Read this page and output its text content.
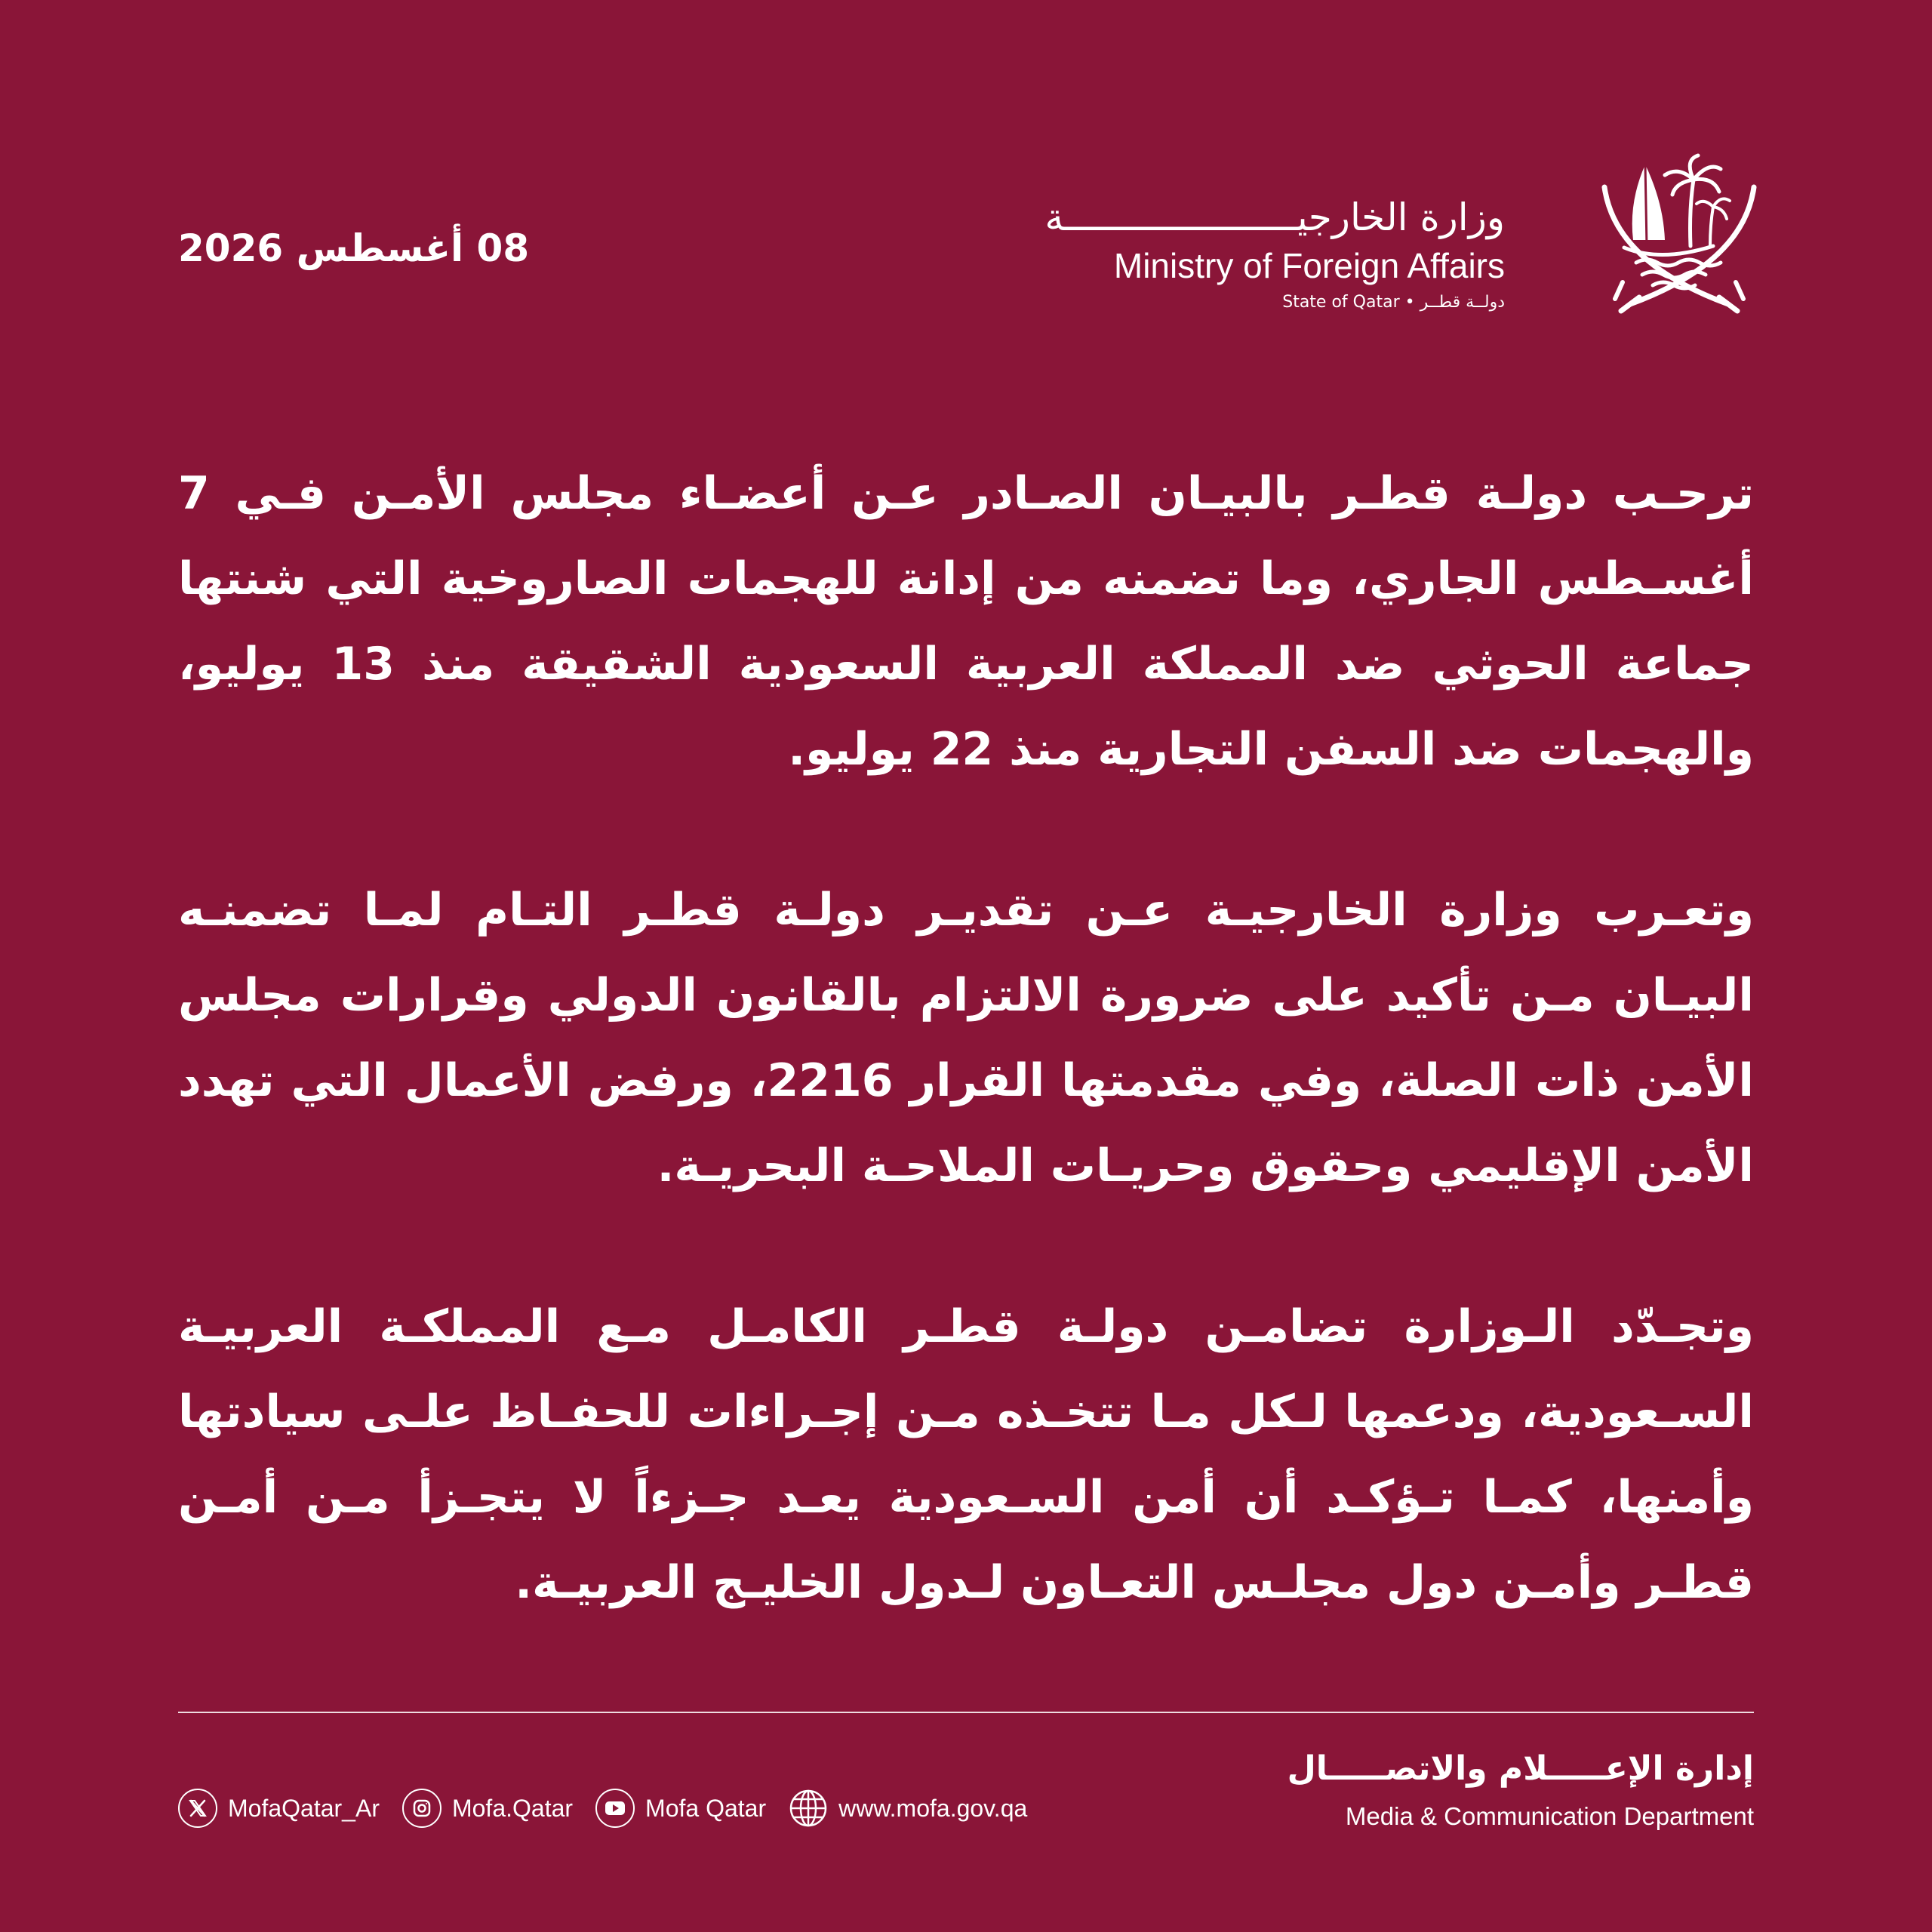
08 أغسطس 2026
وزارة الخارجيـــــــــــــــــــــة
Ministry of Foreign Affairs
State of Qatar • دولــة قطــر

ترحـب دولـة قطـر بالبيـان الصـادر عـن أعضـاء مجلس الأمـن فـي 7 أغسـطس الجاري، وما تضمنه من إدانة للهجمات الصاروخية التي شنتها جماعة الحوثي ضد المملكة العربية السعودية الشقيقة منذ 13 يوليو، والهجمات ضد السفن التجارية منذ 22 يوليو.

وتعـرب وزارة الخارجيـة عـن تقديـر دولـة قطـر التـام لمـا تضمنـه البيـان مـن تأكيد على ضرورة الالتزام بالقانون الدولي وقرارات مجلس الأمن ذات الصلة، وفي مقدمتها القرار 2216، ورفض الأعمال التي تهدد الأمن الإقليمي وحقوق وحريـات الملاحـة البحريـة.

وتجـدّد الـوزارة تضامـن دولـة قطـر الكامـل مـع المملكـة العربيـة السـعودية، ودعمها لـكل مـا تتخـذه مـن إجـراءات للحفـاظ علـى سيادتها وأمنها، كمـا تـؤكـد أن أمن السـعودية يعـد جـزءاً لا يتجـزأ مـن أمـن قطـر وأمـن دول مجلـس التعـاون لـدول الخليـج العربيـة.

إدارة الإعـــــلام والاتصـــــال
Media & Communication Department
MofaQatar_Ar	Mofa.Qatar	Mofa Qatar	www.mofa.gov.qa
